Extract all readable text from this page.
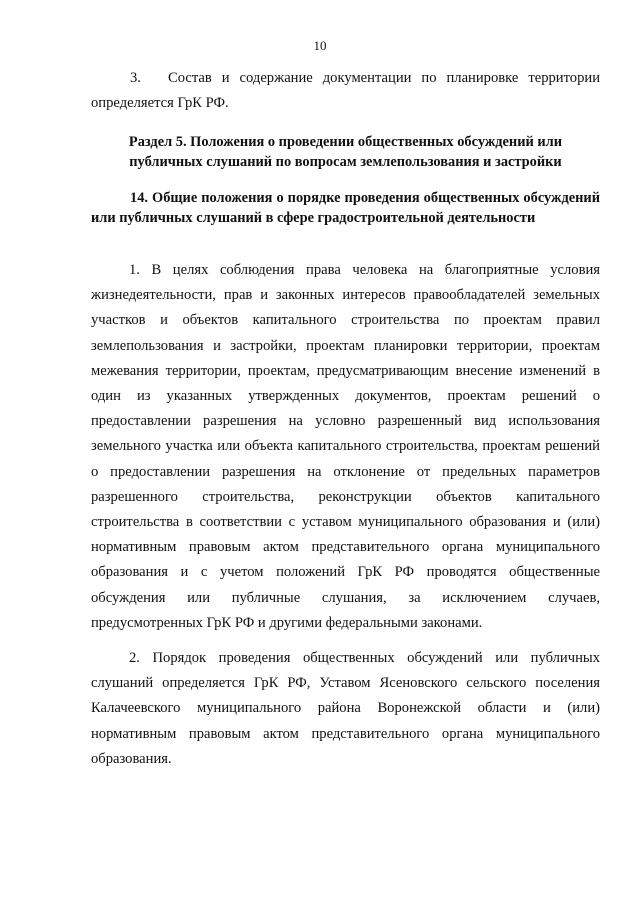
10

3. Состав и содержание документации по планировке территории определяется ГрК РФ.

Раздел 5. Положения о проведении общественных обсуждений или публичных слушаний по вопросам землепользования и застройки
14. Общие положения о порядке проведения общественных обсуждений или публичных слушаний в сфере градостроительной деятельности

1. В целях соблюдения права человека на благоприятные условия жизнедеятельности, прав и законных интересов правообладателей земельных участков и объектов капитального строительства по проектам правил землепользования и застройки, проектам планировки территории, проектам межевания территории, проектам, предусматривающим внесение изменений в один из указанных утвержденных документов, проектам решений о предоставлении разрешения на условно разрешенный вид использования земельного участка или объекта капитального строительства, проектам решений о предоставлении разрешения на отклонение от предельных параметров разрешенного строительства, реконструкции объектов капитального строительства в соответствии с уставом муниципального образования и (или) нормативным правовым актом представительного органа муниципального образования и с учетом положений ГрК РФ проводятся общественные обсуждения или публичные слушания, за исключением случаев, предусмотренных ГрК РФ и другими федеральными законами.

2. Порядок проведения общественных обсуждений или публичных слушаний определяется ГрК РФ, Уставом Ясеновского сельского поселения Калачеевского муниципального района Воронежской области и (или) нормативным правовым актом представительного органа муниципального образования.
